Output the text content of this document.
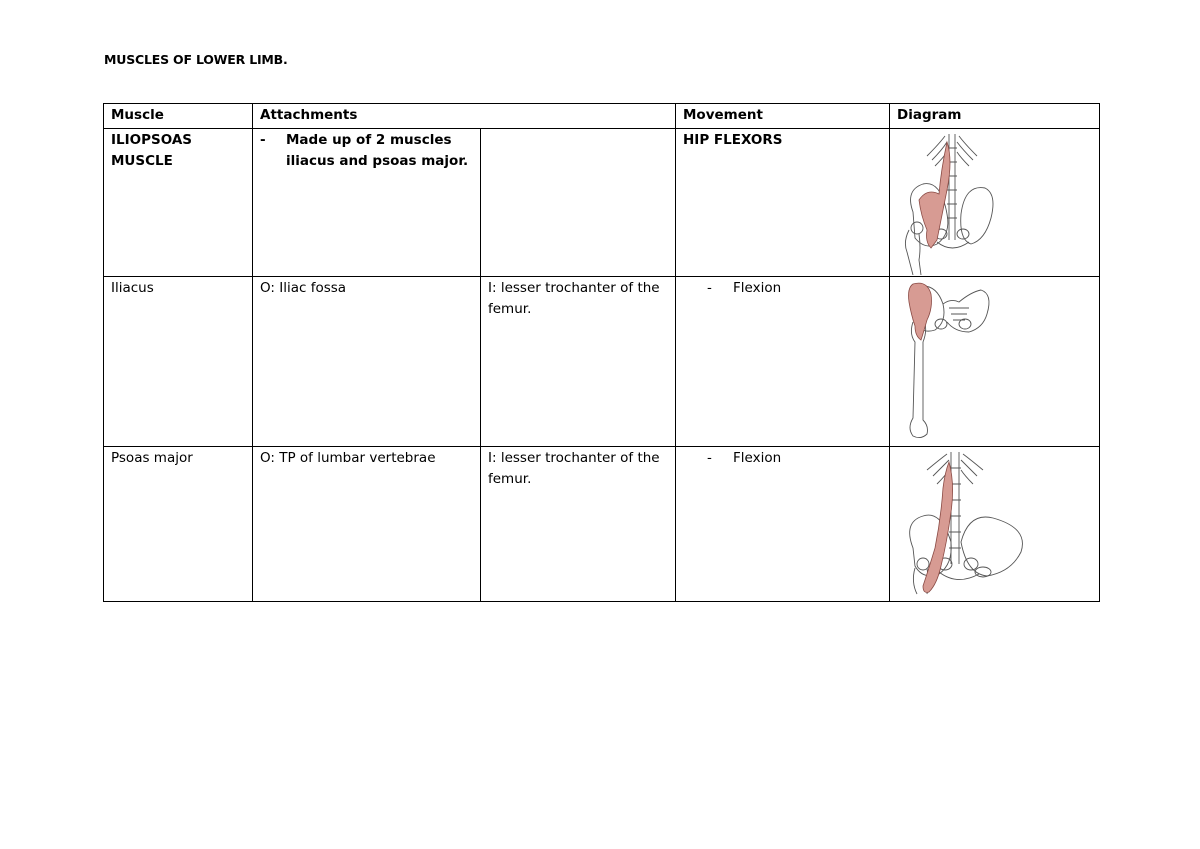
MUSCLES OF LOWER LIMB.
Muscle	Attachments		Movement	Diagram
ILIOPSOAS MUSCLE	- Made up of 2 muscles iliacus and psoas major.		HIP FLEXORS	

Iliacus	O: Iliac fossa	I: lesser trochanter of the femur.	- Flexion

Psoas major	O: TP of lumbar vertebrae	I: lesser trochanter of the femur.	- Flexion
